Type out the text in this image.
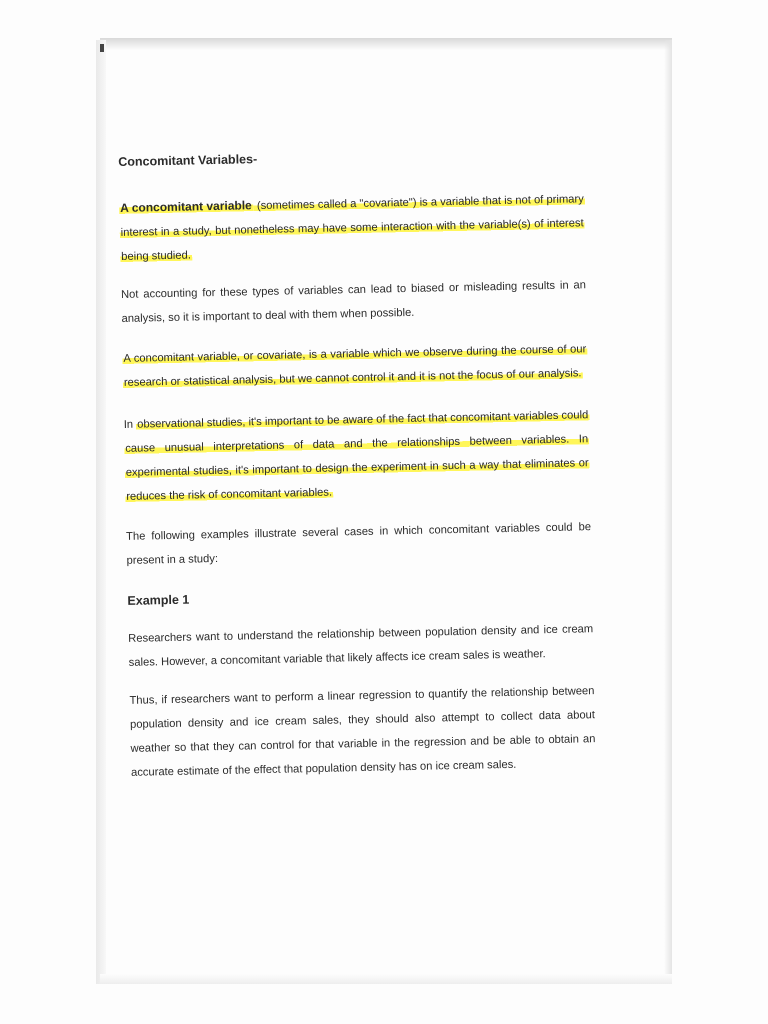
Concomitant Variables-

A concomitant variable (sometimes called a "covariate") is a variable that is not of primary interest in a study, but nonetheless may have some interaction with the variable(s) of interest being studied.

Not accounting for these types of variables can lead to biased or misleading results in an analysis, so it is important to deal with them when possible.

A concomitant variable, or covariate, is a variable which we observe during the course of our research or statistical analysis, but we cannot control it and it is not the focus of our analysis.

In observational studies, it's important to be aware of the fact that concomitant variables could cause unusual interpretations of data and the relationships between variables. In experimental studies, it's important to design the experiment in such a way that eliminates or reduces the risk of concomitant variables.

The following examples illustrate several cases in which concomitant variables could be present in a study:

Example 1

Researchers want to understand the relationship between population density and ice cream sales. However, a concomitant variable that likely affects ice cream sales is weather.

Thus, if researchers want to perform a linear regression to quantify the relationship between population density and ice cream sales, they should also attempt to collect data about weather so that they can control for that variable in the regression and be able to obtain an accurate estimate of the effect that population density has on ice cream sales.
